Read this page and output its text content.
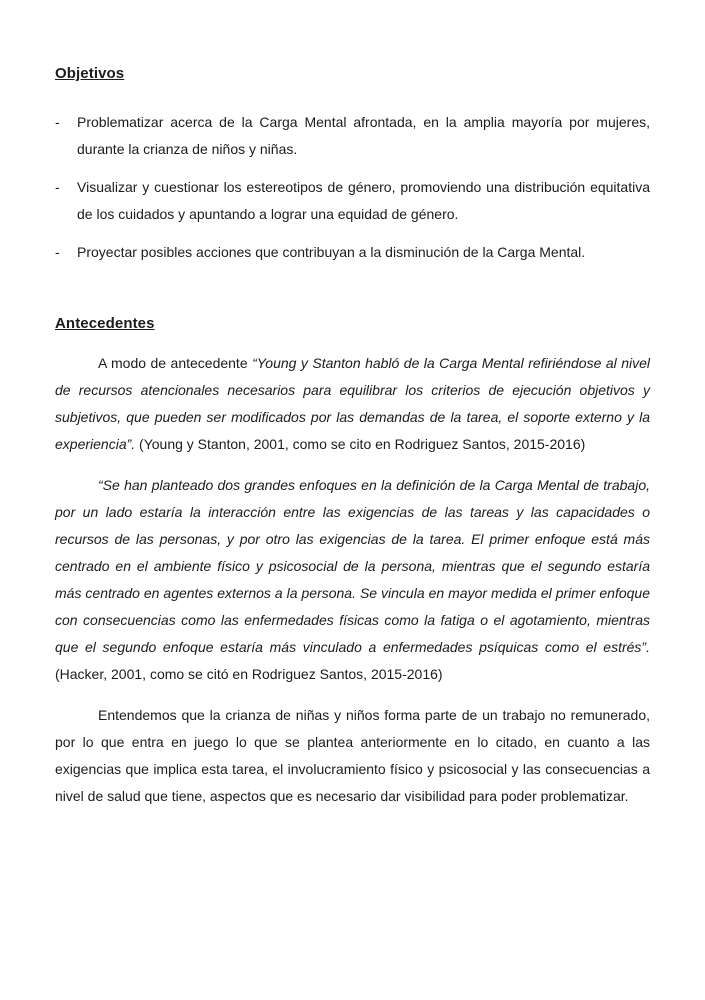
Objetivos
-	Problematizar acerca de la Carga Mental afrontada, en la amplia mayoría por mujeres, durante la crianza de niños y niñas.
-	Visualizar y cuestionar los estereotipos de género, promoviendo una distribución equitativa de los cuidados y apuntando a lograr una equidad de género.
-	Proyectar posibles acciones que contribuyan a la disminución de la Carga Mental.
Antecedentes

A modo de antecedente “Young y Stanton habló de la Carga Mental refiriéndose al nivel de recursos atencionales necesarios para equilibrar los criterios de ejecución objetivos y subjetivos, que pueden ser modificados por las demandas de la tarea, el soporte externo y la experiencia”. (Young y Stanton, 2001, como se cito en Rodriguez Santos, 2015-2016)

“Se han planteado dos grandes enfoques en la definición de la Carga Mental de trabajo, por un lado estaría la interacción entre las exigencias de las tareas y las capacidades o recursos de las personas, y por otro las exigencias de la tarea. El primer enfoque está más centrado en el ambiente físico y psicosocial de la persona, mientras que el segundo estaría más centrado en agentes externos a la persona. Se vincula en mayor medida el primer enfoque con consecuencias como las enfermedades físicas como la fatiga o el agotamiento, mientras que el segundo enfoque estaría más vinculado a enfermedades psíquicas como el estrés”. (Hacker, 2001, como se citó en Rodriguez Santos, 2015-2016)

Entendemos que la crianza de niñas y niños forma parte de un trabajo no remunerado, por lo que entra en juego lo que se plantea anteriormente en lo citado, en cuanto a las exigencias que implica esta tarea, el involucramiento físico y psicosocial y las consecuencias a nivel de salud que tiene, aspectos que es necesario dar visibilidad para poder problematizar.
